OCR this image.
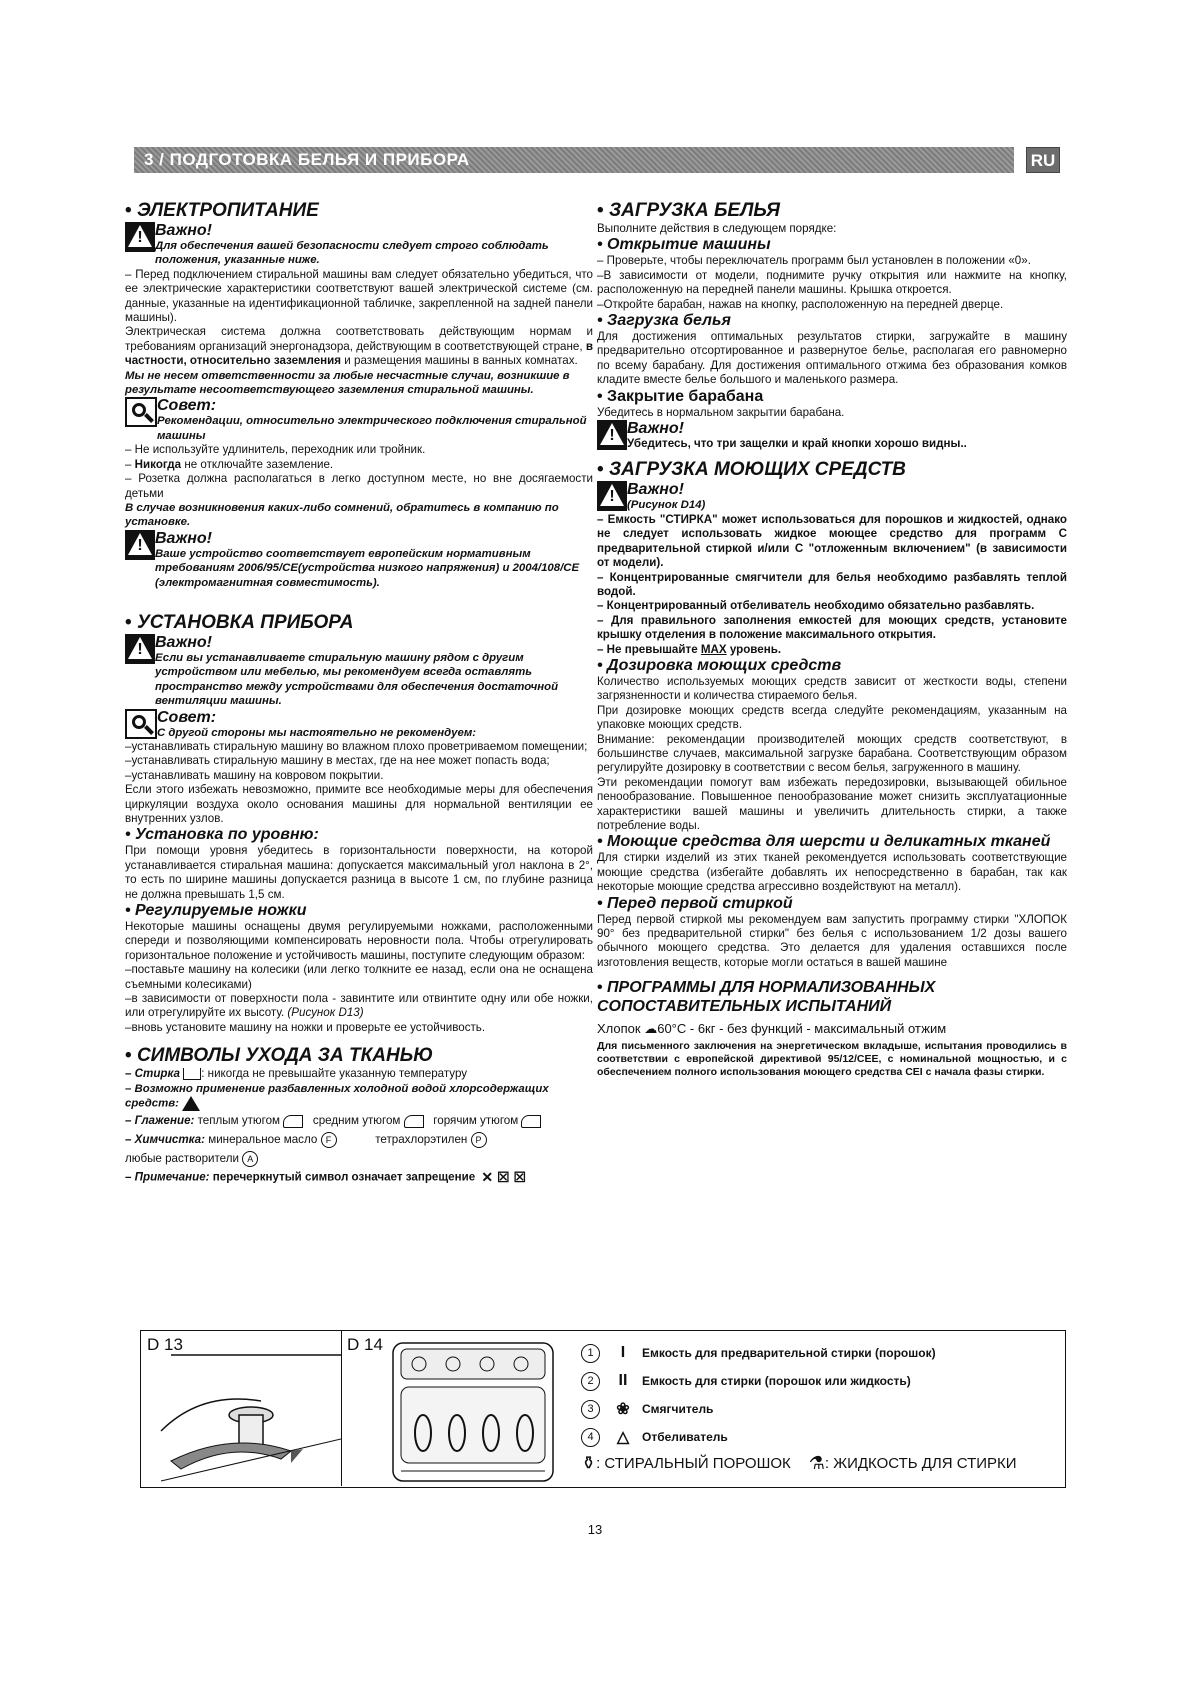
3 / ПОДГОТОВКА БЕЛЬЯ И ПРИБОРА	RU
• ЭЛЕКТРОПИТАНИЕ
! Важно!
Для обеспечения вашей безопасности следует строго соблюдать положения, указанные ниже.

– Перед подключением стиральной машины вам следует обязательно убедиться, что ее электрические характеристики соответствуют вашей электрической системе (см. данные, указанные на идентификационной табличке, закрепленной на задней панели машины).

Электрическая система должна соответствовать действующим нормам и требованиям организаций энергонадзора, действующим в соответствующей стране, в частности, относительно заземления и размещения машины в ванных комнатах.

Мы не несем ответственности за любые несчастные случаи, возникшие в результате несоответствующего заземления стиральной машины.

Совет:
Рекомендации, относительно электрического подключения стиральной машины

– Не используйте удлинитель, переходник или тройник.

– Никогда не отключайте заземление.

– Розетка должна располагаться в легко доступном месте, но вне досягаемости детьми

В случае возникновения каких-либо сомнений, обратитесь в компанию по установке.

! Важно!
Ваше устройство соответствует европейским нормативным требованиям 2006/95/CE(устройства низкого напряжения) и 2004/108/CE (электромагнитная совместимость).
• УСТАНОВКА ПРИБОРА
! Важно!
Если вы устанавливаете стиральную машину рядом с другим устройством или мебелью, мы рекомендуем всегда оставлять пространство между устройствами для обеспечения достаточной вентиляции машины.
Совет:
С другой стороны мы настоятельно не рекомендуем:

–устанавливать стиральную машину во влажном плохо проветриваемом помещении;

–устанавливать стиральную машину в местах, где на нее может попасть вода;

–устанавливать машину на ковровом покрытии.

Если этого избежать невозможно, примите все необходимые меры для обеспечения циркуляции воздуха около основания машины для нормальной вентиляции ее внутренних узлов.

• Установка по уровню:

При помощи уровня убедитесь в горизонтальности поверхности, на которой устанавливается стиральная машина: допускается максимальный угол наклона в 2°, то есть по ширине машины допускается разница в высоте 1 см, по глубине разница не должна превышать 1,5 см.

• Регулируемые ножки

Некоторые машины оснащены двумя регулируемыми ножками, расположенными спереди и позволяющими компенсировать неровности пола. Чтобы отрегулировать горизонтальное положение и устойчивость машины, поступите следующим образом:

–поставьте машину на колесики (или легко толкните ее назад, если она не оснащена съемными колесиками)

–в зависимости от поверхности пола - завинтите или отвинтите одну или обе ножки, или отрегулируйте их высоту. (Рисунок D13)

–вновь установите машину на ножки и проверьте ее устойчивость.

• СИМВОЛЫ УХОДА ЗА ТКАНЬЮ

– Стирка : никогда не превышайте указанную температуру

– Возможно применение разбавленных холодной водой хлорсодержащих средств:

– Глажение: теплым утюгом	средним утюгом	горячим утюгом

– Химчистка: минеральное масло F	тетрахлорэтилен P

любые растворители A

– Примечание: перечеркнутый символ означает запрещение ✕ ☒ ☒

• ЗАГРУЗКА БЕЛЬЯ

Выполните действия в следующем порядке:

• Открытие машины

– Проверьте, чтобы переключатель программ был установлен в положении «0».

–В зависимости от модели, поднимите ручку открытия или нажмите на кнопку, расположенную на передней панели машины. Крышка откроется.

–Откройте барабан, нажав на кнопку, расположенную на передней дверце.

• Загрузка белья

Для достижения оптимальных результатов стирки, загружайте в машину предварительно отсортированное и развернутое белье, располагая его равномерно по всему барабану. Для достижения оптимального отжима без образования комков кладите вместе белье большого и маленького размера.

• Закрытие барабана

Убедитесь в нормальном закрытии барабана.

! Важно!
Убедитесь, что три защелки и край кнопки хорошо видны..
• ЗАГРУЗКА МОЮЩИХ СРЕДСТВ
! Важно!
(Рисунок D14)

– Емкость "СТИРКА" может использоваться для порошков и жидкостей, однако не следует использовать жидкое моющее средство для программ С предварительной стиркой и/или С "отложенным включением" (в зависимости от модели).

– Концентрированные смягчители для белья необходимо разбавлять теплой водой.

– Концентрированный отбеливатель необходимо обязательно разбавлять.

– Для правильного заполнения емкостей для моющих средств, установите крышку отделения в положение максимального открытия.

– Не превышайте MAX уровень.

• Дозировка моющих средств

Количество используемых моющих средств зависит от жесткости воды, степени загрязненности и количества стираемого белья.

При дозировке моющих средств всегда следуйте рекомендациям, указанным на упаковке моющих средств.

Внимание: рекомендации производителей моющих средств соответствуют, в большинстве случаев, максимальной загрузке барабана. Соответствующим образом регулируйте дозировку в соответствии с весом белья, загруженного в машину.

Эти рекомендации помогут вам избежать передозировки, вызывающей обильное пенообразование. Повышенное пенообразование может снизить эксплуатационные характеристики вашей машины и увеличить длительность стирки, а также потребление воды.

• Моющие средства для шерсти и деликатных тканей

Для стирки изделий из этих тканей рекомендуется использовать соответствующие моющие средства (избегайте добавлять их непосредственно в барабан, так как некоторые моющие средства агрессивно воздействуют на металл).

• Перед первой стиркой

Перед первой стиркой мы рекомендуем вам запустить программу стирки "ХЛОПОК 90° без предварительной стирки" без белья с использованием 1/2 дозы вашего обычного моющего средства. Это делается для удаления оставшихся после изготовления веществ, которые могли остаться в вашей машине

• ПРОГРАММЫ ДЛЯ НОРМАЛИЗОВАННЫХ СОПОСТАВИТЕЛЬНЫХ ИСПЫТАНИЙ

Хлопок ☁60°С - 6кг - без функций - максимальный отжим

Для письменного заключения на энергетическом вкладыше, испытания проводились в соответствии с европейской директивой 95/12/CEE, с номинальной мощностью, и с обеспечением полного использования моющего средства CEI с начала фазы стирки.

D 13	D 14	1	I	Емкость для предварительной стирки (порошок)
2	II	Емкость для стирки (порошок или жидкость)
3	❀	Смягчитель
4	△	Отбеливатель
⚱ : СТИРАЛЬНЫЙ ПОРОШОК ⚗ : ЖИДКОСТЬ ДЛЯ СТИРКИ
13
